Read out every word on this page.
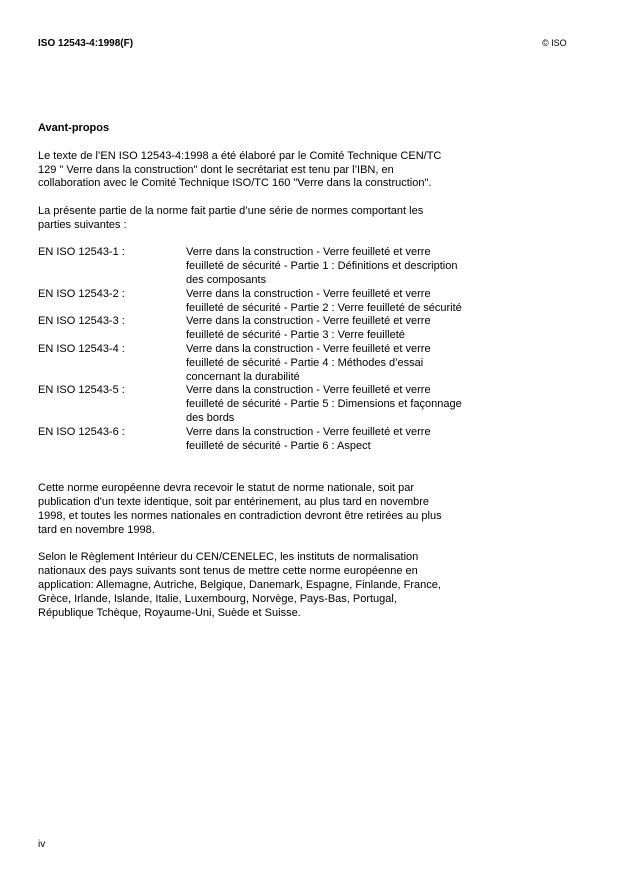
ISO 12543-4:1998(F)	© ISO
Avant-propos
Le texte de l’EN ISO 12543-4:1998 a été élaboré par le Comité Technique CEN/TC
129 " Verre dans la construction" dont le secrétariat est tenu par l’IBN, en
collaboration avec le Comité Technique ISO/TC 160 "Verre dans la construction".
La présente partie de la norme fait partie d’une série de normes comportant les
parties suivantes :
EN ISO 12543-1 :	Verre dans la construction - Verre feuilleté et verre
feuilleté de sécurité - Partie 1 : Définitions et description
des composants
EN ISO 12543-2 :	Verre dans la construction - Verre feuilleté et verre
feuilleté de sécurité - Partie 2 : Verre feuilleté de sécurité
EN ISO 12543-3 :	Verre dans la construction - Verre feuilleté et verre
feuilleté de sécurité - Partie 3 : Verre feuilleté
EN ISO 12543-4 :	Verre dans la construction - Verre feuilleté et verre
feuilleté de sécurité - Partie 4 : Méthodes d’essai
concernant la durabilité
EN ISO 12543-5 :	Verre dans la construction - Verre feuilleté et verre
feuilleté de sécurité - Partie 5 : Dimensions et façonnage
des bords
EN ISO 12543-6 :	Verre dans la construction - Verre feuilleté et verre
feuilleté de sécurité - Partie 6 : Aspect
Cette norme européenne devra recevoir le statut de norme nationale, soit par
publication d'un texte identique, soit par entérinement, au plus tard en novembre
1998, et toutes les normes nationales en contradiction devront être retirées au plus
tard en novembre 1998.
Selon le Règlement Intérieur du CEN/CENELEC, les instituts de normalisation
nationaux des pays suivants sont tenus de mettre cette norme européenne en
application: Allemagne, Autriche, Belgique, Danemark, Espagne, Finlande, France,
Grèce, Irlande, Islande, Italie, Luxembourg, Norvège, Pays-Bas, Portugal,
République Tchèque, Royaume-Uni, Suède et Suisse.
iv
